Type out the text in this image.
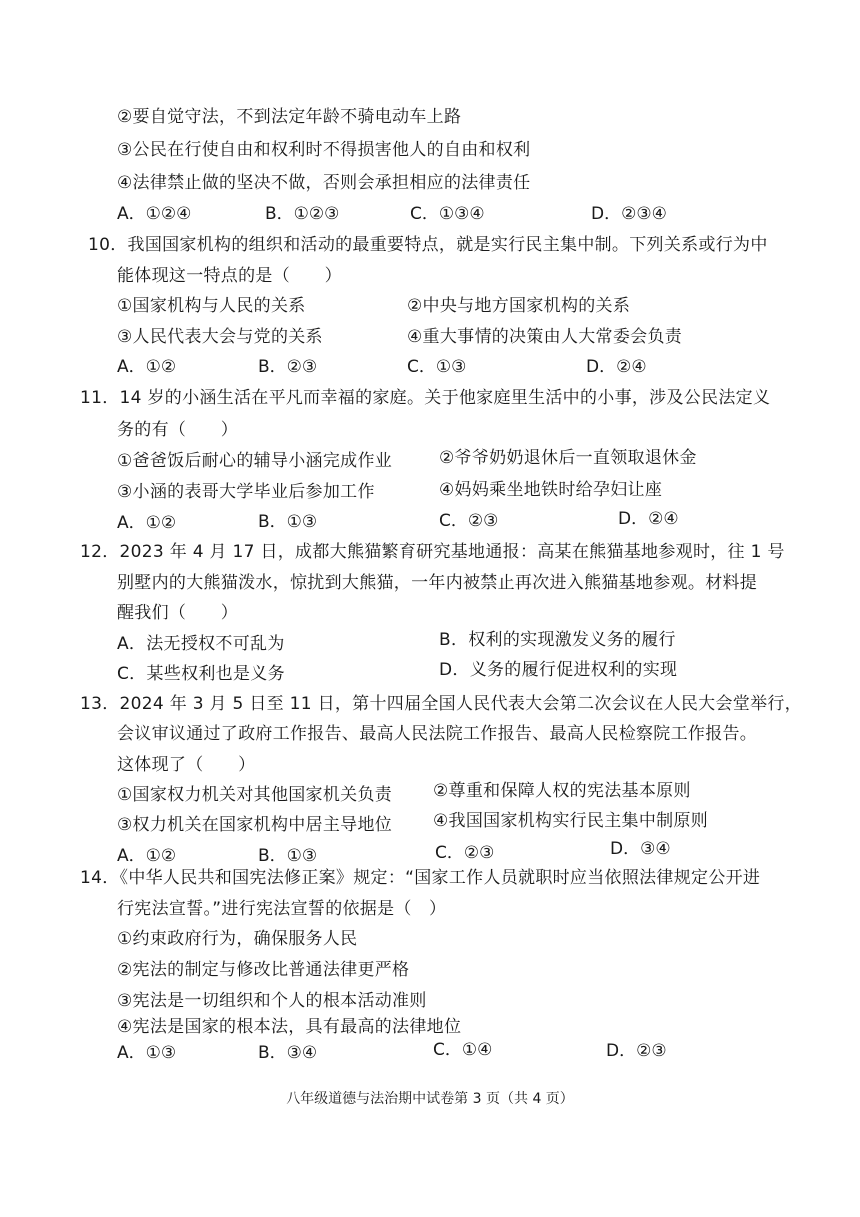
②要自觉守法，不到法定年龄不骑电动车上路
③公民在行使自由和权利时不得损害他人的自由和权利
④法律禁止做的坚决不做，否则会承担相应的法律责任
A．①②④	B．①②③	C．①③④	D．②③④
10．我国国家机构的组织和活动的最重要特点，就是实行民主集中制。下列关系或行为中
能体现这一特点的是（　　）
①国家机构与人民的关系	②中央与地方国家机构的关系
③人民代表大会与党的关系	④重大事情的决策由人大常委会负责
A．①②	B．②③	C．①③	D．②④
11．14 岁的小涵生活在平凡而幸福的家庭。关于他家庭里生活中的小事，涉及公民法定义
务的有（　　）
①爸爸饭后耐心的辅导小涵完成作业	②爷爷奶奶退休后一直领取退休金
③小涵的表哥大学毕业后参加工作	④妈妈乘坐地铁时给孕妇让座
A．①②	B．①③	C．②③	D．②④
12．2023 年 4 月 17 日，成都大熊猫繁育研究基地通报：高某在熊猫基地参观时，往 1 号
别墅内的大熊猫泼水，惊扰到大熊猫，一年内被禁止再次进入熊猫基地参观。材料提
醒我们（　　）
A．法无授权不可乱为	B．权利的实现激发义务的履行
C．某些权利也是义务	D．义务的履行促进权利的实现
13．2024 年 3 月 5 日至 11 日，第十四届全国人民代表大会第二次会议在人民大会堂举行，
会议审议通过了政府工作报告、最高人民法院工作报告、最高人民检察院工作报告。
这体现了（　　）
①国家权力机关对其他国家机关负责 ②尊重和保障人权的宪法基本原则
③权力机关在国家机构中居主导地位 ④我国国家机构实行民主集中制原则
A．①②	B．①③	C．②③	D．③④
14．《中华人民共和国宪法修正案》规定：“国家工作人员就职时应当依照法律规定公开进
行宪法宣誓。”进行宪法宣誓的依据是（　）
①约束政府行为，确保服务人民
②宪法的制定与修改比普通法律更严格
③宪法是一切组织和个人的根本活动准则
④宪法是国家的根本法，具有最高的法律地位
A．①③	B．③④	C．①④	D．②③
八年级道德与法治期中试卷第 3 页（共 4 页）
